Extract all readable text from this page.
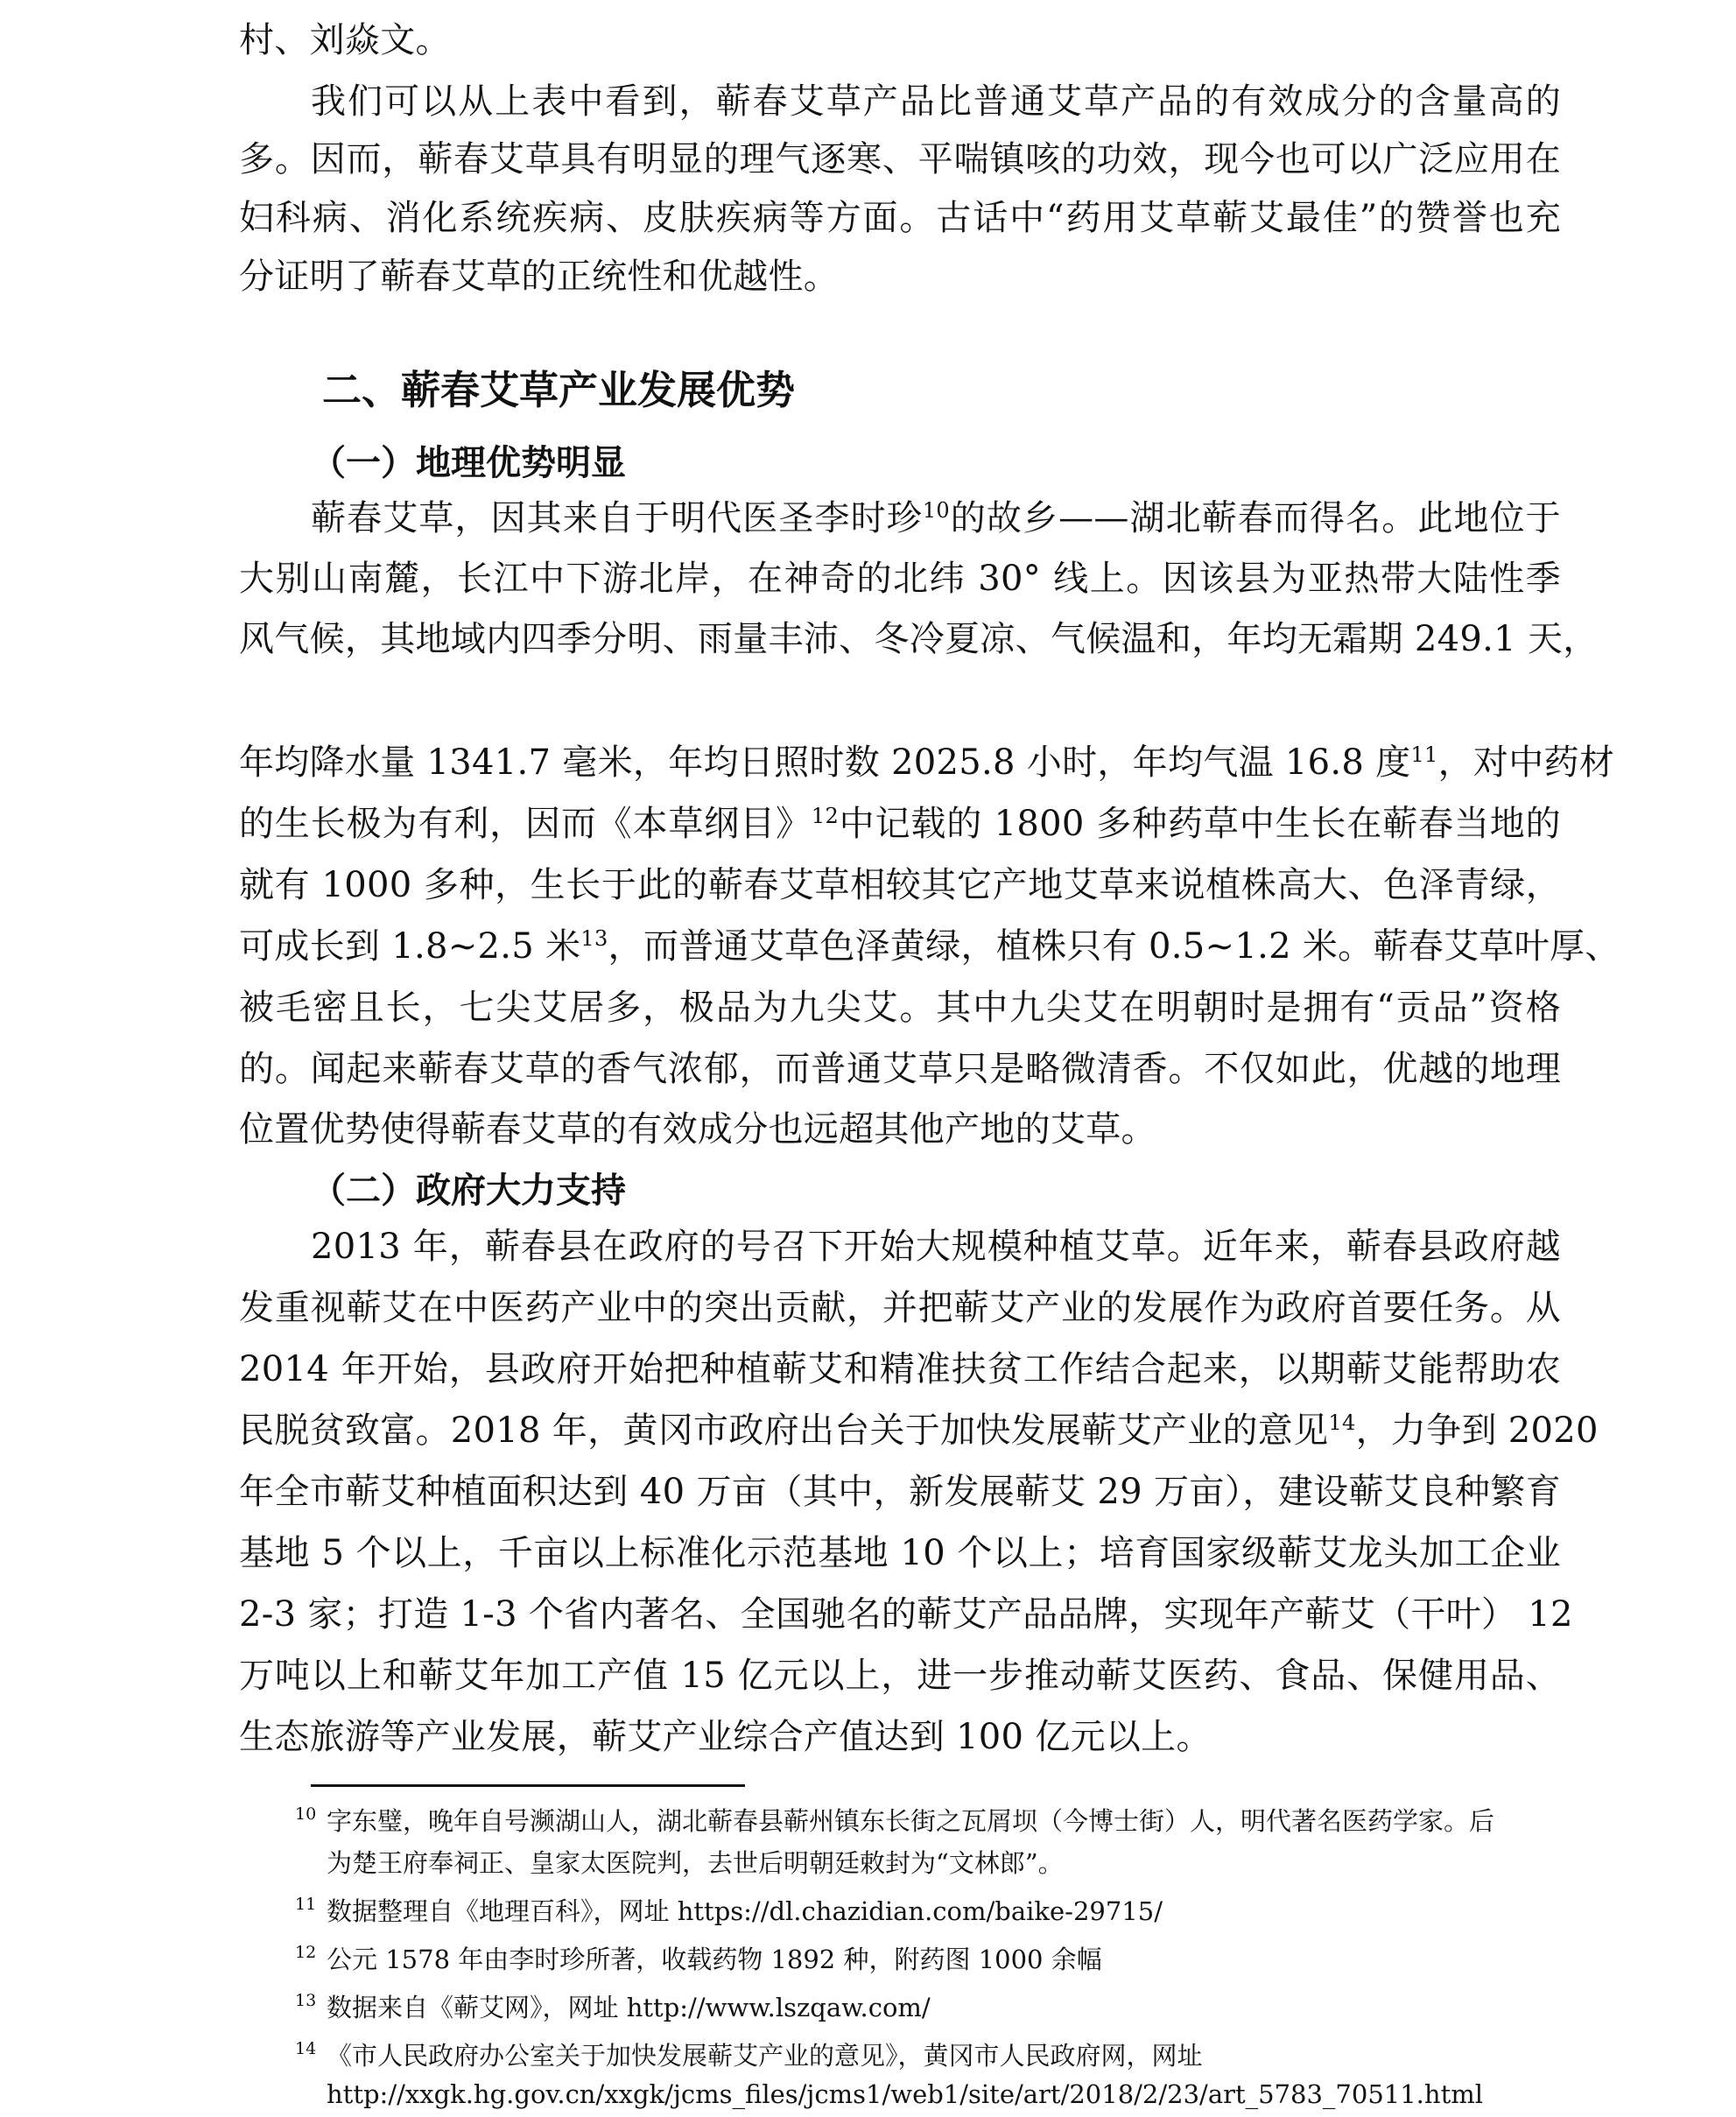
村、刘焱文。
我们可以从上表中看到，蕲春艾草产品比普通艾草产品的有效成分的含量高的
多。因而，蕲春艾草具有明显的理气逐寒、平喘镇咳的功效，现今也可以广泛应用在
妇科病、消化系统疾病、皮肤疾病等方面。古话中“药用艾草蕲艾最佳”的赞誉也充
分证明了蕲春艾草的正统性和优越性。
二、蕲春艾草产业发展优势
（一）地理优势明显
蕲春艾草，因其来自于明代医圣李时珍$^{10}$的故乡——湖北蕲春而得名。此地位于
大别山南麓，长江中下游北岸，在神奇的北纬 30° 线上。因该县为亚热带大陆性季
风气候，其地域内四季分明、雨量丰沛、冬冷夏凉、气候温和，年均无霜期 249.1 天，
年均降水量 1341.7 毫米，年均日照时数 2025.8 小时，年均气温 16.8 度$^{11}$，对中药材
的生长极为有利，因而《本草纲目》$^{12}$中记载的 1800 多种药草中生长在蕲春当地的
就有 1000 多种，生长于此的蕲春艾草相较其它产地艾草来说植株高大、色泽青绿，
可成长到 1.8~2.5 米$^{13}$，而普通艾草色泽黄绿，植株只有 0.5~1.2 米。蕲春艾草叶厚、
被毛密且长，七尖艾居多，极品为九尖艾。其中九尖艾在明朝时是拥有“贡品”资格
的。闻起来蕲春艾草的香气浓郁，而普通艾草只是略微清香。不仅如此，优越的地理
位置优势使得蕲春艾草的有效成分也远超其他产地的艾草。
（二）政府大力支持
2013 年，蕲春县在政府的号召下开始大规模种植艾草。近年来，蕲春县政府越
发重视蕲艾在中医药产业中的突出贡献，并把蕲艾产业的发展作为政府首要任务。从
2014 年开始，县政府开始把种植蕲艾和精准扶贫工作结合起来，以期蕲艾能帮助农
民脱贫致富。2018 年，黄冈市政府出台关于加快发展蕲艾产业的意见$^{14}$，力争到 2020
年全市蕲艾种植面积达到 40 万亩（其中，新发展蕲艾 29 万亩），建设蕲艾良种繁育
基地 5 个以上，千亩以上标准化示范基地 10 个以上；培育国家级蕲艾龙头加工企业
2-3 家；打造 1-3 个省内著名、全国驰名的蕲艾产品品牌，实现年产蕲艾（干叶） 12
万吨以上和蕲艾年加工产值 15 亿元以上，进一步推动蕲艾医药、食品、保健用品、
生态旅游等产业发展，蕲艾产业综合产值达到 100 亿元以上。
10 字东璧，晚年自号濒湖山人，湖北蕲春县蕲州镇东长街之瓦屑坝（今博士街）人，明代著名医药学家。后
为楚王府奉祠正、皇家太医院判，去世后明朝廷敕封为“文林郎”。
11 数据整理自《地理百科》，网址 https://dl.chazidian.com/baike-29715/
12 公元 1578 年由李时珍所著，收载药物 1892 种，附药图 1000 余幅
13 数据来自《蕲艾网》，网址 http://www.lszqaw.com/
14 《市人民政府办公室关于加快发展蕲艾产业的意见》，黄冈市人民政府网，网址
http://xxgk.hg.gov.cn/xxgk/jcms_files/jcms1/web1/site/art/2018/2/23/art_5783_70511.html
